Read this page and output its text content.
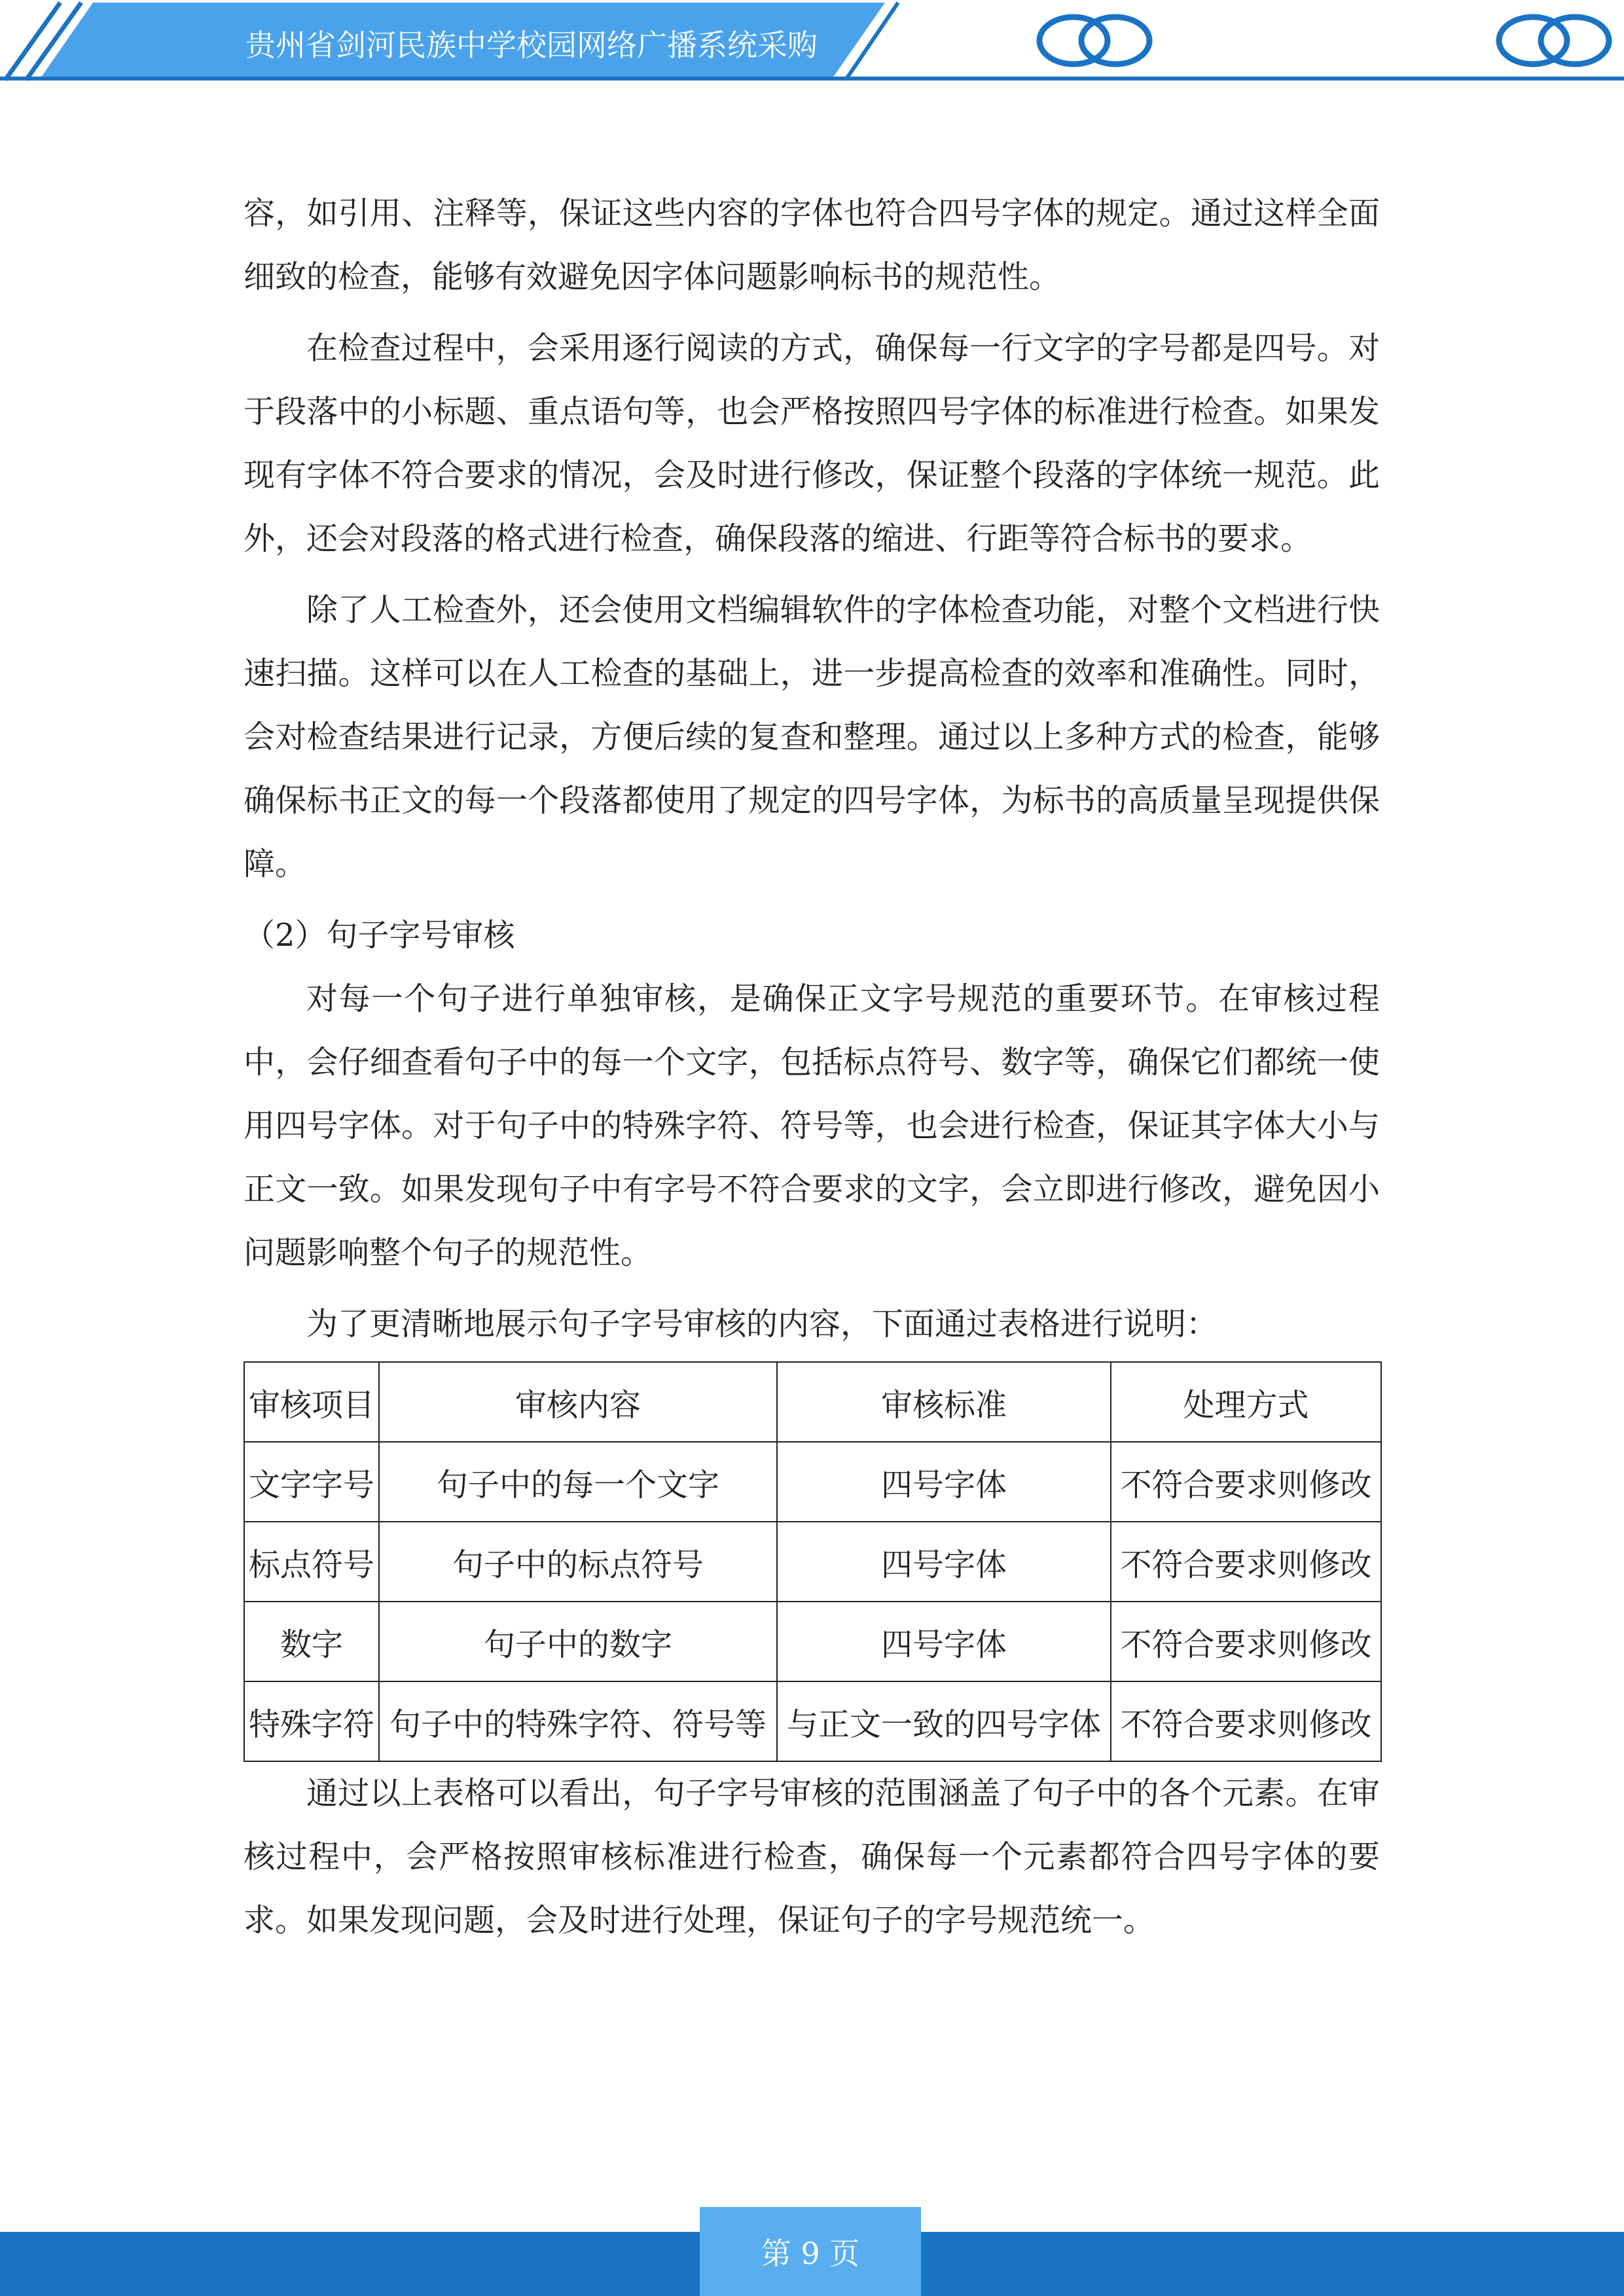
贵州省剑河民族中学校园网络广播系统采购

容，如引用、注释等，保证这些内容的字体也符合四号字体的规定。通过这样全面细致的检查，能够有效避免因字体问题影响标书的规范性。

在检查过程中，会采用逐行阅读的方式，确保每一行文字的字号都是四号。对于段落中的小标题、重点语句等，也会严格按照四号字体的标准进行检查。如果发现有字体不符合要求的情况，会及时进行修改，保证整个段落的字体统一规范。此外，还会对段落的格式进行检查，确保段落的缩进、行距等符合标书的要求。

除了人工检查外，还会使用文档编辑软件的字体检查功能，对整个文档进行快速扫描。这样可以在人工检查的基础上，进一步提高检查的效率和准确性。同时，会对检查结果进行记录，方便后续的复查和整理。通过以上多种方式的检查，能够确保标书正文的每一个段落都使用了规定的四号字体，为标书的高质量呈现提供保障。

（2）句子字号审核

对每一个句子进行单独审核，是确保正文字号规范的重要环节。在审核过程中，会仔细查看句子中的每一个文字，包括标点符号、数字等，确保它们都统一使用四号字体。对于句子中的特殊字符、符号等，也会进行检查，保证其字体大小与正文一致。如果发现句子中有字号不符合要求的文字，会立即进行修改，避免因小问题影响整个句子的规范性。

为了更清晰地展示句子字号审核的内容，下面通过表格进行说明：

审核项目	审核内容	审核标准	处理方式
文字字号	句子中的每一个文字	四号字体	不符合要求则修改
标点符号	句子中的标点符号	四号字体	不符合要求则修改
数字	句子中的数字	四号字体	不符合要求则修改
特殊字符	句子中的特殊字符、符号等	与正文一致的四号字体	不符合要求则修改

通过以上表格可以看出，句子字号审核的范围涵盖了句子中的各个元素。在审核过程中，会严格按照审核标准进行检查，确保每一个元素都符合四号字体的要求。如果发现问题，会及时进行处理，保证句子的字号规范统一。

第 9 页
